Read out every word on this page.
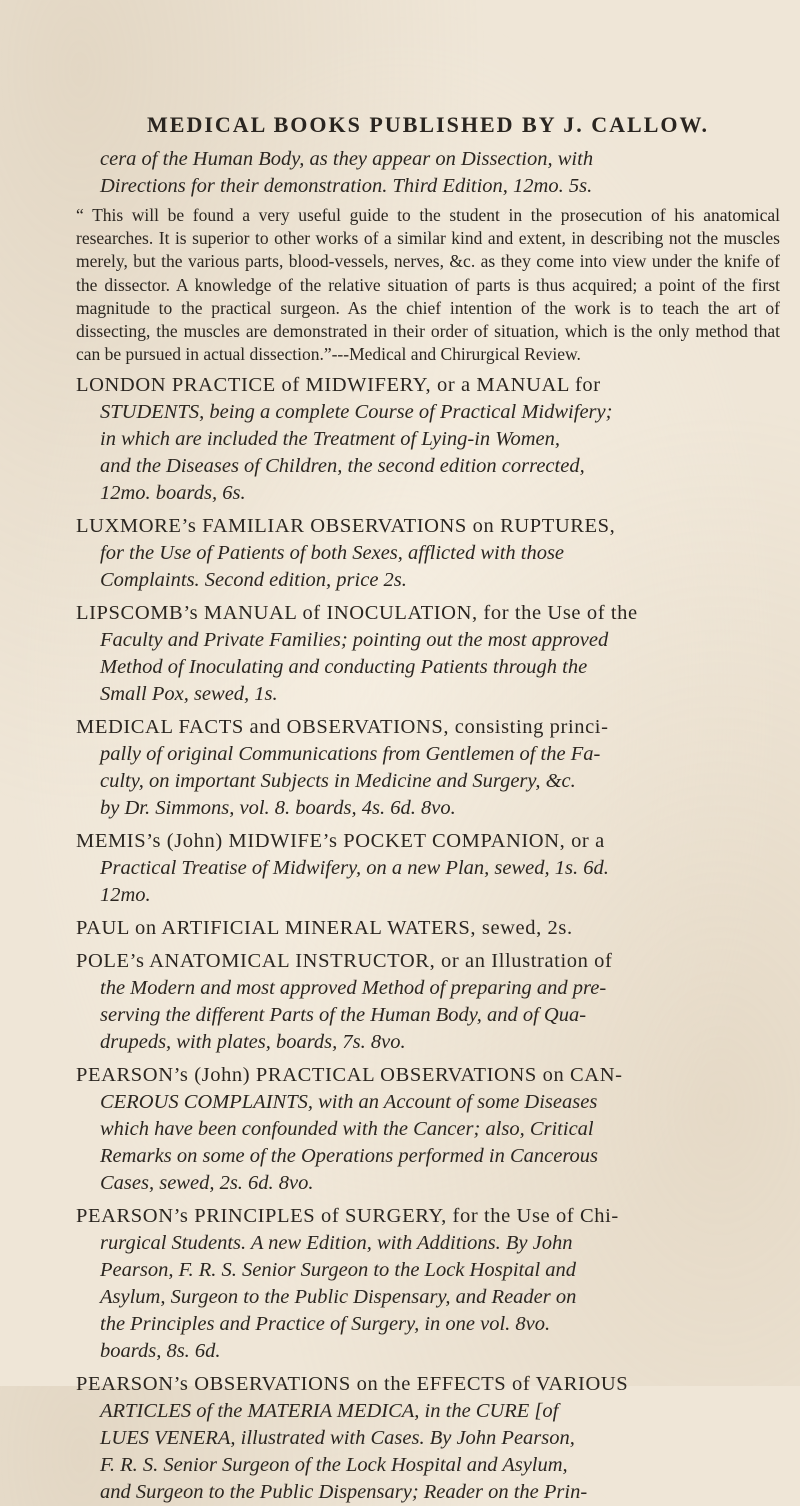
MEDICAL BOOKS PUBLISHED BY J. CALLOW.
cera of the Human Body, as they appear on Dissection, with
Directions for their demonstration. Third Edition, 12mo. 5s.
“ This will be found a very useful guide to the student in the prosecution of his anatomical researches. It is superior to other works of a similar kind and extent, in describing not the muscles merely, but the various parts, blood-vessels, nerves, &c. as they come into view under the knife of the dissector. A knowledge of the relative situation of parts is thus acquired; a point of the first magnitude to the practical surgeon. As the chief intention of the work is to teach the art of dissecting, the muscles are demonstrated in their order of situation, which is the only method that can be pursued in actual dissection.”---Medical and Chirurgical Review.
LONDON PRACTICE of MIDWIFERY, or a MANUAL for
STUDENTS, being a complete Course of Practical Midwifery;
in which are included the Treatment of Lying-in Women,
and the Diseases of Children, the second edition corrected,
12mo. boards, 6s.
LUXMORE’s FAMILIAR OBSERVATIONS on RUPTURES,
for the Use of Patients of both Sexes, afflicted with those
Complaints. Second edition, price 2s.
LIPSCOMB’s MANUAL of INOCULATION, for the Use of the
Faculty and Private Families; pointing out the most approved
Method of Inoculating and conducting Patients through the
Small Pox, sewed, 1s.
MEDICAL FACTS and OBSERVATIONS, consisting princi-
pally of original Communications from Gentlemen of the Fa-
culty, on important Subjects in Medicine and Surgery, &c.
by Dr. Simmons, vol. 8. boards, 4s. 6d. 8vo.
MEMIS’s (John) MIDWIFE’s POCKET COMPANION, or a
Practical Treatise of Midwifery, on a new Plan, sewed, 1s. 6d.
12mo.
PAUL on ARTIFICIAL MINERAL WATERS, sewed, 2s.
POLE’s ANATOMICAL INSTRUCTOR, or an Illustration of
the Modern and most approved Method of preparing and pre-
serving the different Parts of the Human Body, and of Qua-
drupeds, with plates, boards, 7s. 8vo.
PEARSON’s (John) PRACTICAL OBSERVATIONS on CAN-
CEROUS COMPLAINTS, with an Account of some Diseases
which have been confounded with the Cancer; also, Critical
Remarks on some of the Operations performed in Cancerous
Cases, sewed, 2s. 6d. 8vo.
PEARSON’s PRINCIPLES of SURGERY, for the Use of Chi-
rurgical Students. A new Edition, with Additions. By John
Pearson, F. R. S. Senior Surgeon to the Lock Hospital and
Asylum, Surgeon to the Public Dispensary, and Reader on
the Principles and Practice of Surgery, in one vol. 8vo.
boards, 8s. 6d.
PEARSON’s OBSERVATIONS on the EFFECTS of VARIOUS
ARTICLES of the MATERIA MEDICA, in the CURE [of
LUES VENERA, illustrated with Cases. By John Pearson,
F. R. S. Senior Surgeon of the Lock Hospital and Asylum,
and Surgeon to the Public Dispensary; Reader on the Prin-
